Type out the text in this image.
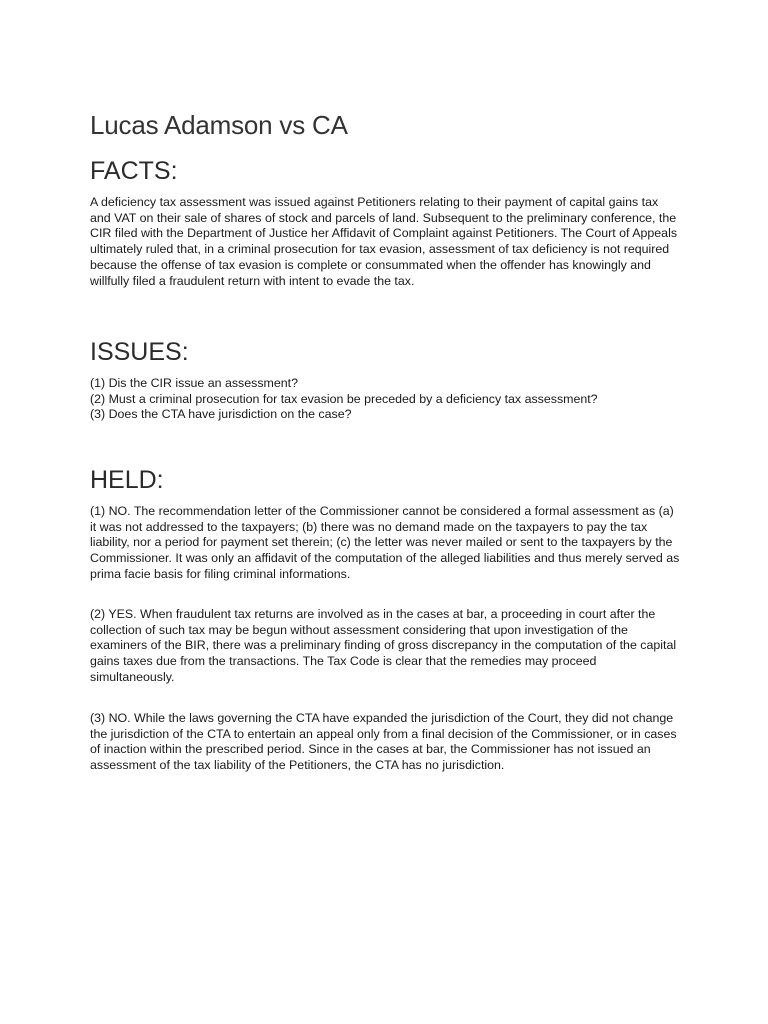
Lucas Adamson vs CA
FACTS:

A deficiency tax assessment was issued against Petitioners relating to their payment of capital gains tax and VAT on their sale of shares of stock and parcels of land. Subsequent to the preliminary conference, the CIR filed with the Department of Justice her Affidavit of Complaint against Petitioners. The Court of Appeals ultimately ruled that, in a criminal prosecution for tax evasion, assessment of tax deficiency is not required because the offense of tax evasion is complete or consummated when the offender has knowingly and willfully filed a fraudulent return with intent to evade the tax.

ISSUES:
(1) Dis the CIR issue an assessment?
(2) Must a criminal prosecution for tax evasion be preceded by a deficiency tax assessment?
(3) Does the CTA have jurisdiction on the case?
HELD:

(1) NO. The recommendation letter of the Commissioner cannot be considered a formal assessment as (a) it was not addressed to the taxpayers; (b) there was no demand made on the taxpayers to pay the tax liability, nor a period for payment set therein; (c) the letter was never mailed or sent to the taxpayers by the Commissioner. It was only an affidavit of the computation of the alleged liabilities and thus merely served as prima facie basis for filing criminal informations.

(2) YES. When fraudulent tax returns are involved as in the cases at bar, a proceeding in court after the collection of such tax may be begun without assessment considering that upon investigation of the examiners of the BIR, there was a preliminary finding of gross discrepancy in the computation of the capital gains taxes due from the transactions. The Tax Code is clear that the remedies may proceed simultaneously.

(3) NO. While the laws governing the CTA have expanded the jurisdiction of the Court, they did not change the jurisdiction of the CTA to entertain an appeal only from a final decision of the Commissioner, or in cases of inaction within the prescribed period. Since in the cases at bar, the Commissioner has not issued an assessment of the tax liability of the Petitioners, the CTA has no jurisdiction.
